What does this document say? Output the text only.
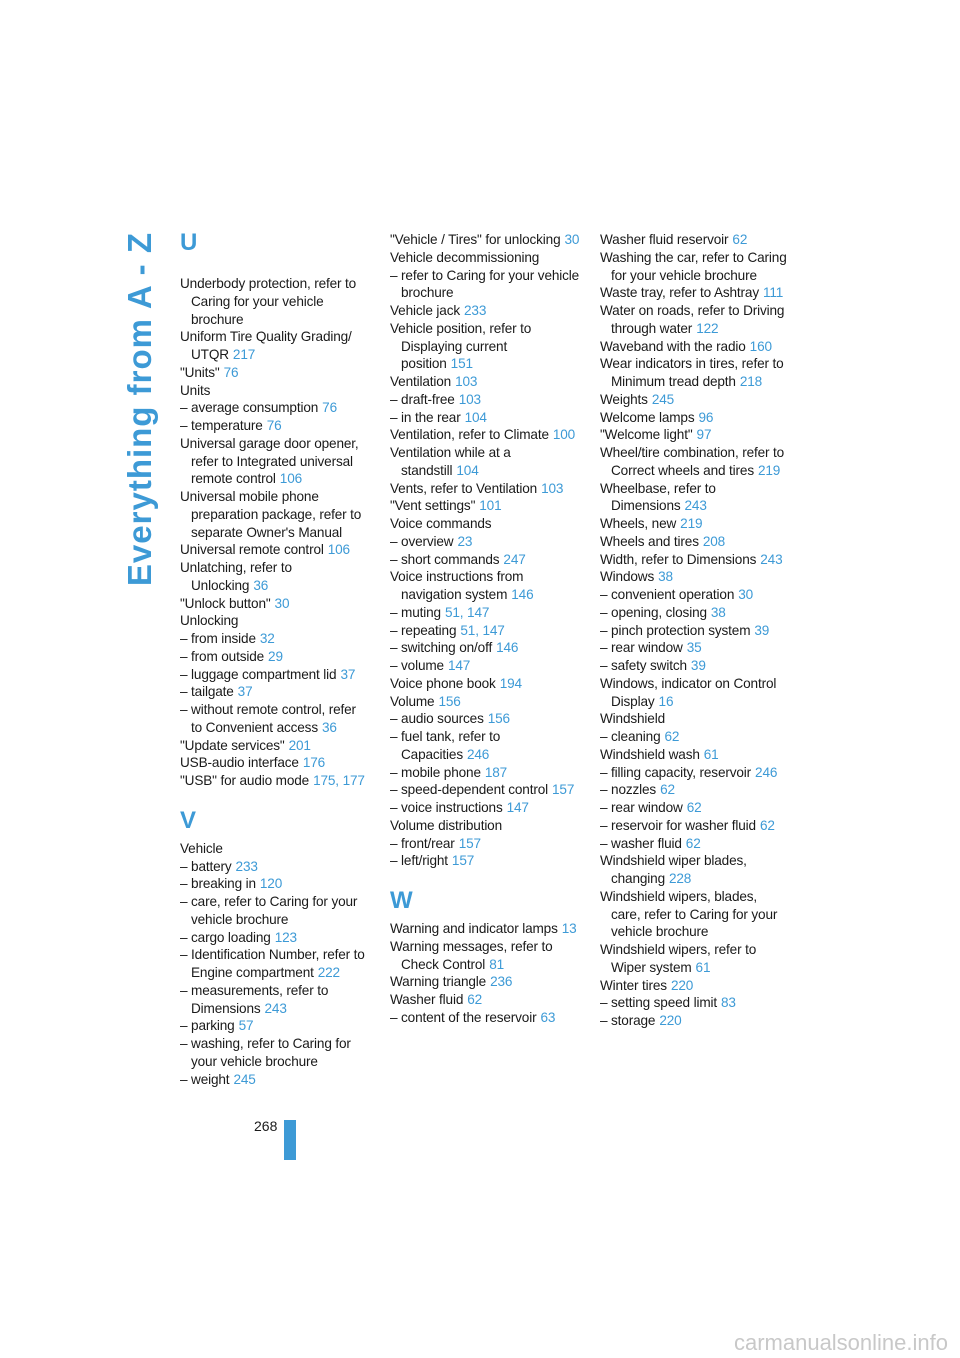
Everything from A - Z U

Underbody protection, refer to Caring for your vehicle brochure

Uniform Tire Quality Grading/ UTQR 217

"Units" 76

Units

– average consumption 76

– temperature 76

Universal garage door opener, refer to Integrated universal remote control 106

Universal mobile phone preparation package, refer to separate Owner's Manual

Universal remote control 106

Unlatching, refer to Unlocking 36

"Unlock button" 30

Unlocking

– from inside 32

– from outside 29

– luggage compartment lid 37

– tailgate 37

– without remote control, refer to Convenient access 36

"Update services" 201

USB-audio interface 176

"USB" for audio mode 175, 177

V

Vehicle

– battery 233

– breaking in 120

– care, refer to Caring for your vehicle brochure

– cargo loading 123

– Identification Number, refer to Engine compartment 222

– measurements, refer to Dimensions 243

– parking 57

– washing, refer to Caring for your vehicle brochure

– weight 245

"Vehicle / Tires" for unlocking 30

Vehicle decommissioning

– refer to Caring for your vehicle brochure

Vehicle jack 233

Vehicle position, refer to Displaying current position 151

Ventilation 103

– draft-free 103

– in the rear 104

Ventilation, refer to Climate 100

Ventilation while at a standstill 104

Vents, refer to Ventilation 103

"Vent settings" 101

Voice commands

– overview 23

– short commands 247

Voice instructions from navigation system 146

– muting 51, 147

– repeating 51, 147

– switching on/off 146

– volume 147

Voice phone book 194

Volume 156

– audio sources 156

– fuel tank, refer to Capacities 246

– mobile phone 187

– speed-dependent control 157

– voice instructions 147

Volume distribution

– front/rear 157

– left/right 157

W

Warning and indicator lamps 13

Warning messages, refer to Check Control 81

Warning triangle 236

Washer fluid 62

– content of the reservoir 63

Washer fluid reservoir 62

Washing the car, refer to Caring for your vehicle brochure

Waste tray, refer to Ashtray 111

Water on roads, refer to Driving through water 122

Waveband with the radio 160

Wear indicators in tires, refer to Minimum tread depth 218

Weights 245

Welcome lamps 96

"Welcome light" 97

Wheel/tire combination, refer to Correct wheels and tires 219

Wheelbase, refer to Dimensions 243

Wheels, new 219

Wheels and tires 208

Width, refer to Dimensions 243

Windows 38

– convenient operation 30

– opening, closing 38

– pinch protection system 39

– rear window 35

– safety switch 39

Windows, indicator on Control Display 16

Windshield

– cleaning 62

Windshield wash 61

– filling capacity, reservoir 246

– nozzles 62

– rear window 62

– reservoir for washer fluid 62

– washer fluid 62

Windshield wiper blades, changing 228

Windshield wipers, blades, care, refer to Caring for your vehicle brochure

Windshield wipers, refer to Wiper system 61

Winter tires 220

– setting speed limit 83

– storage 220

268
carmanualsonline.info
